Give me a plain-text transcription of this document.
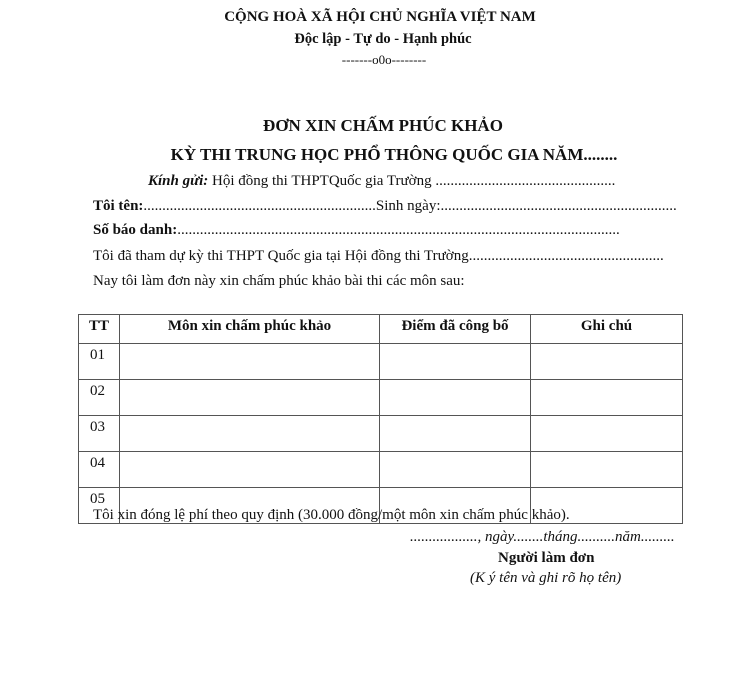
CỘNG HOÀ XÃ HỘI CHỦ NGHĨA VIỆT NAM
Độc lập - Tự do - Hạnh phúc
-------o0o--------
ĐƠN XIN CHẤM PHÚC KHẢO
KỲ THI TRUNG HỌC PHỔ THÔNG QUỐC GIA NĂM........
Kính gửi: Hội đồng thi THPTQuốc gia Trường ................................................
Tôi tên:..............................................................Sinh ngày:...............................................................
Số báo danh:......................................................................................................................
Tôi đã tham dự kỳ thi THPT Quốc gia tại Hội đồng thi Trường....................................................
Nay tôi làm đơn này xin chấm phúc khảo bài thi các môn sau:
TT	Môn xin chấm phúc khảo	Điểm đã công bố	Ghi chú
01			
02			
03			
04			
05			
Tôi xin đóng lệ phí theo quy định (30.000 đồng/một môn xin chấm phúc khảo).
.................., ngày........tháng..........năm.........
Người làm đơn
(K ý tên và ghi rõ họ tên)
